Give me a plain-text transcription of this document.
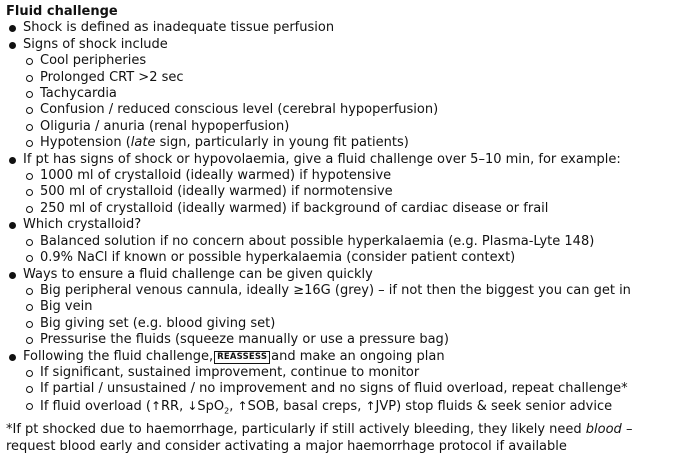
Fluid challenge

Shock is defined as inadequate tissue perfusion
Signs of shock include
Cool peripheries
Prolonged CRT >2 sec
Tachycardia
Confusion / reduced conscious level (cerebral hypoperfusion)
Oliguria / anuria (renal hypoperfusion)
Hypotension (late sign, particularly in young fit patients)
If pt has signs of shock or hypovolaemia, give a fluid challenge over 5–10 min, for example:
1000 ml of crystalloid (ideally warmed) if hypotensive
500 ml of crystalloid (ideally warmed) if normotensive
250 ml of crystalloid (ideally warmed) if background of cardiac disease or frail
Which crystalloid?
Balanced solution if no concern about possible hyperkalaemia (e.g. Plasma-Lyte 148)
0.9% NaCl if known or possible hyperkalaemia (consider patient context)
Ways to ensure a fluid challenge can be given quickly
Big peripheral venous cannula, ideally ≥16G (grey) – if not then the biggest you can get in
Big vein
Big giving set (e.g. blood giving set)
Pressurise the fluids (squeeze manually or use a pressure bag)
Following the fluid challenge, REASSESS and make an ongoing plan
If significant, sustained improvement, continue to monitor
If partial / unsustained / no improvement and no signs of fluid overload, repeat challenge*
If fluid overload (↑RR, ↓SpO$_2$, ↑SOB, basal creps, ↑JVP) stop fluids & seek senior advice

*If pt shocked due to haemorrhage, particularly if still actively bleeding, they likely need blood – request blood early and consider activating a major haemorrhage protocol if available
